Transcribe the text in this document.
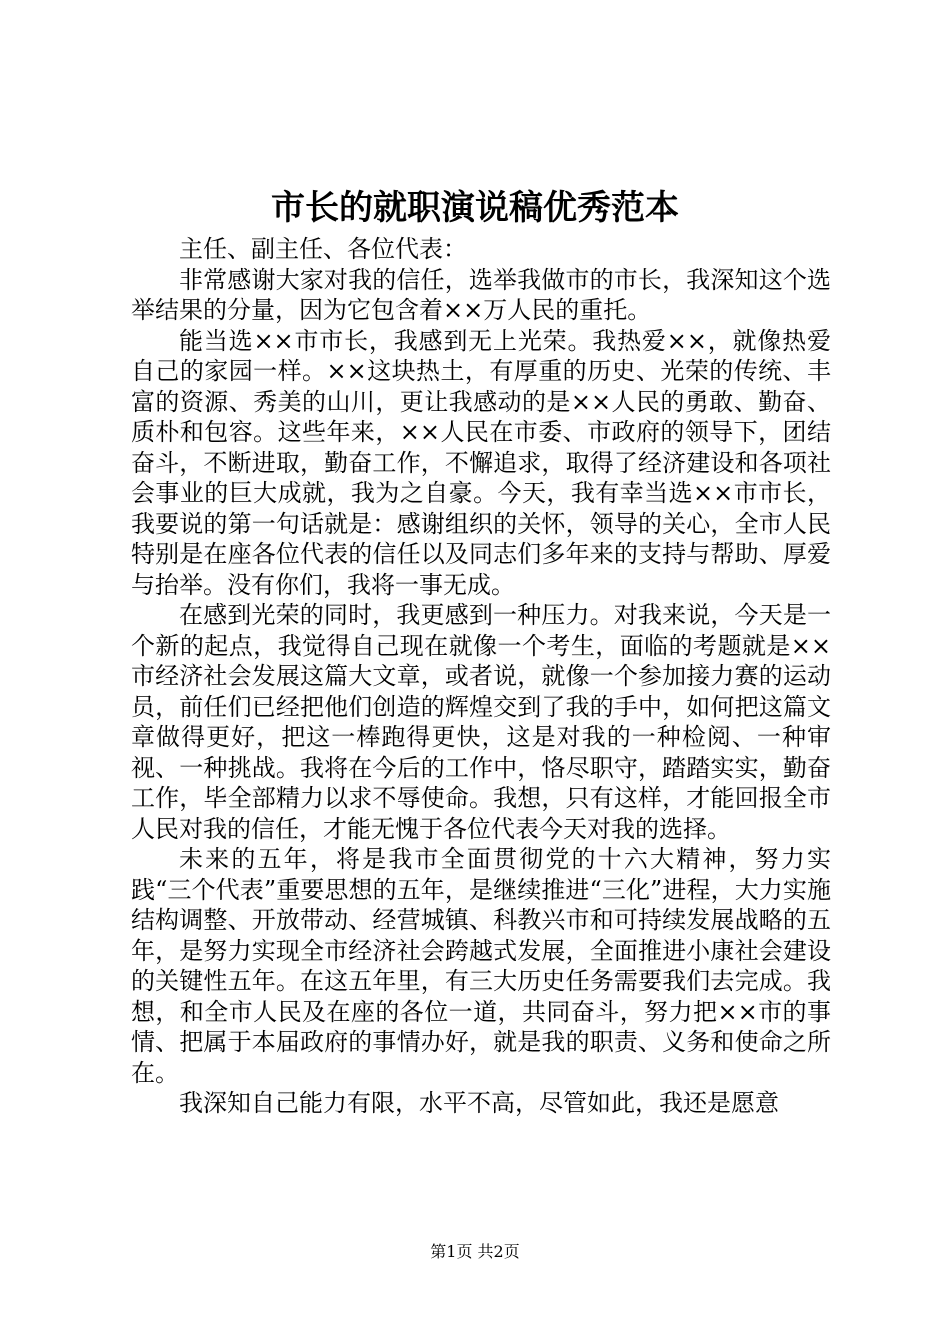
市长的就职演说稿优秀范本

主任、副主任、各位代表：

非常感谢大家对我的信任，选举我做市的市长，我深知这个选举结果的分量，因为它包含着××万人民的重托。

能当选××市市长，我感到无上光荣。我热爱××，就像热爱自己的家园一样。××这块热土，有厚重的历史、光荣的传统、丰富的资源、秀美的山川，更让我感动的是××人民的勇敢、勤奋、质朴和包容。这些年来，××人民在市委、市政府的领导下，团结奋斗，不断进取，勤奋工作，不懈追求，取得了经济建设和各项社会事业的巨大成就，我为之自豪。今天，我有幸当选××市市长，我要说的第一句话就是：感谢组织的关怀，领导的关心，全市人民特别是在座各位代表的信任以及同志们多年来的支持与帮助、厚爱与抬举。没有你们，我将一事无成。

在感到光荣的同时，我更感到一种压力。对我来说，今天是一个新的起点，我觉得自己现在就像一个考生，面临的考题就是××市经济社会发展这篇大文章，或者说，就像一个参加接力赛的运动员，前任们已经把他们创造的辉煌交到了我的手中，如何把这篇文章做得更好，把这一棒跑得更快，这是对我的一种检阅、一种审视、一种挑战。我将在今后的工作中，恪尽职守，踏踏实实，勤奋工作，毕全部精力以求不辱使命。我想，只有这样，才能回报全市人民对我的信任，才能无愧于各位代表今天对我的选择。

未来的五年，将是我市全面贯彻党的十六大精神，努力实践“三个代表”重要思想的五年，是继续推进“三化”进程，大力实施结构调整、开放带动、经营城镇、科教兴市和可持续发展战略的五年，是努力实现全市经济社会跨越式发展，全面推进小康社会建设的关键性五年。在这五年里，有三大历史任务需要我们去完成。我想，和全市人民及在座的各位一道，共同奋斗，努力把××市的事情、把属于本届政府的事情办好，就是我的职责、义务和使命之所在。

我深知自己能力有限，水平不高，尽管如此，我还是愿意

第1页 共2页
